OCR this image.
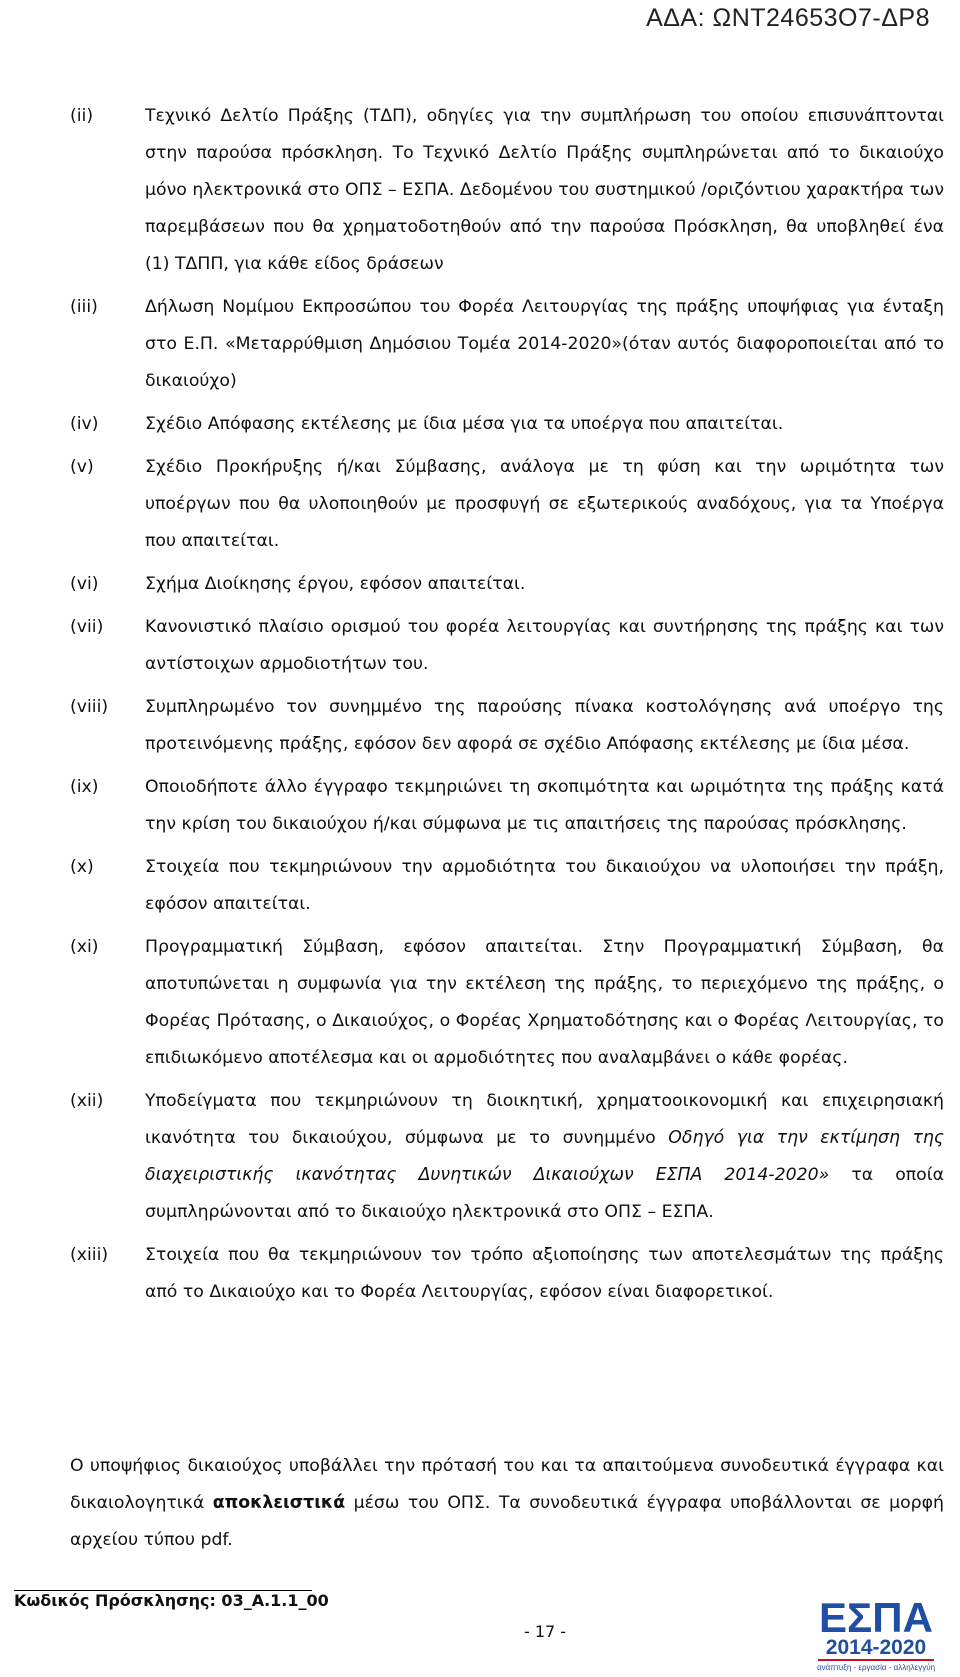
ΑΔΑ: ΩΝΤ24653Ο7-ΔΡ8
(ii)	Τεχνικό Δελτίο Πράξης (ΤΔΠ), οδηγίες για την συμπλήρωση του οποίου επισυνάπτονται στην παρούσα πρόσκληση. Το Τεχνικό Δελτίο Πράξης συμπληρώνεται από το δικαιούχο μόνο ηλεκτρονικά στο ΟΠΣ – ΕΣΠΑ. Δεδομένου του συστημικού /οριζόντιου χαρακτήρα των παρεμβάσεων που θα χρηματοδοτηθούν από την παρούσα Πρόσκληση, θα υποβληθεί ένα (1) ΤΔΠΠ, για κάθε είδος δράσεων
(iii)	Δήλωση Νομίμου Εκπροσώπου του Φορέα Λειτουργίας της πράξης υποψήφιας για ένταξη στο Ε.Π. «Μεταρρύθμιση Δημόσιου Τομέα 2014-2020»(όταν αυτός διαφοροποιείται από το δικαιούχο)
(iv)	Σχέδιο Απόφασης εκτέλεσης με ίδια μέσα για τα υποέργα που απαιτείται.
(v)	Σχέδιο Προκήρυξης ή/και Σύμβασης, ανάλογα με τη φύση και την ωριμότητα των υποέργων που θα υλοποιηθούν με προσφυγή σε εξωτερικούς αναδόχους, για τα Υποέργα που απαιτείται.
(vi)	Σχήμα Διοίκησης έργου, εφόσον απαιτείται.
(vii)	Κανονιστικό πλαίσιο ορισμού του φορέα λειτουργίας και συντήρησης της πράξης και των αντίστοιχων αρμοδιοτήτων του.
(viii)	Συμπληρωμένο τον συνημμένο της παρούσης πίνακα κοστολόγησης ανά υποέργο της προτεινόμενης πράξης, εφόσον δεν αφορά σε σχέδιο Απόφασης εκτέλεσης με ίδια μέσα.
(ix)	Οποιοδήποτε άλλο έγγραφο τεκμηριώνει τη σκοπιμότητα και ωριμότητα της πράξης κατά την κρίση του δικαιούχου ή/και σύμφωνα με τις απαιτήσεις της παρούσας πρόσκλησης.
(x)	Στοιχεία που τεκμηριώνουν την αρμοδιότητα του δικαιούχου να υλοποιήσει την πράξη, εφόσον απαιτείται.
(xi)	Προγραμματική Σύμβαση, εφόσον απαιτείται. Στην Προγραμματική Σύμβαση, θα αποτυπώνεται η συμφωνία για την εκτέλεση της πράξης, το περιεχόμενο της πράξης, ο Φορέας Πρότασης, ο Δικαιούχος, ο Φορέας Χρηματοδότησης και ο Φορέας Λειτουργίας, το επιδιωκόμενο αποτέλεσμα και οι αρμοδιότητες που αναλαμβάνει ο κάθε φορέας.
(xii)	Υποδείγματα που τεκμηριώνουν τη διοικητική, χρηματοοικονομική και επιχειρησιακή ικανότητα του δικαιούχου, σύμφωνα με το συνημμένο Οδηγό για την εκτίμηση της διαχειριστικής ικανότητας Δυνητικών Δικαιούχων ΕΣΠΑ 2014-2020» τα οποία συμπληρώνονται από το δικαιούχο ηλεκτρονικά στο ΟΠΣ – ΕΣΠΑ.
(xiii)	Στοιχεία που θα τεκμηριώνουν τον τρόπο αξιοποίησης των αποτελεσμάτων της πράξης από το Δικαιούχο και το Φορέα Λειτουργίας, εφόσον είναι διαφορετικοί.
Ο υποψήφιος δικαιούχος υποβάλλει την πρότασή του και τα απαιτούμενα συνοδευτικά έγγραφα και δικαιολογητικά αποκλειστικά μέσω του ΟΠΣ. Τα συνοδευτικά έγγραφα υποβάλλονται σε μορφή αρχείου τύπου pdf.
Κωδικός Πρόσκλησης: 03_Α.1.1_00
- 17 -	ΕΣΠΑ
2014-2020
ανάπτυξη - εργασία - αλληλεγγύη
